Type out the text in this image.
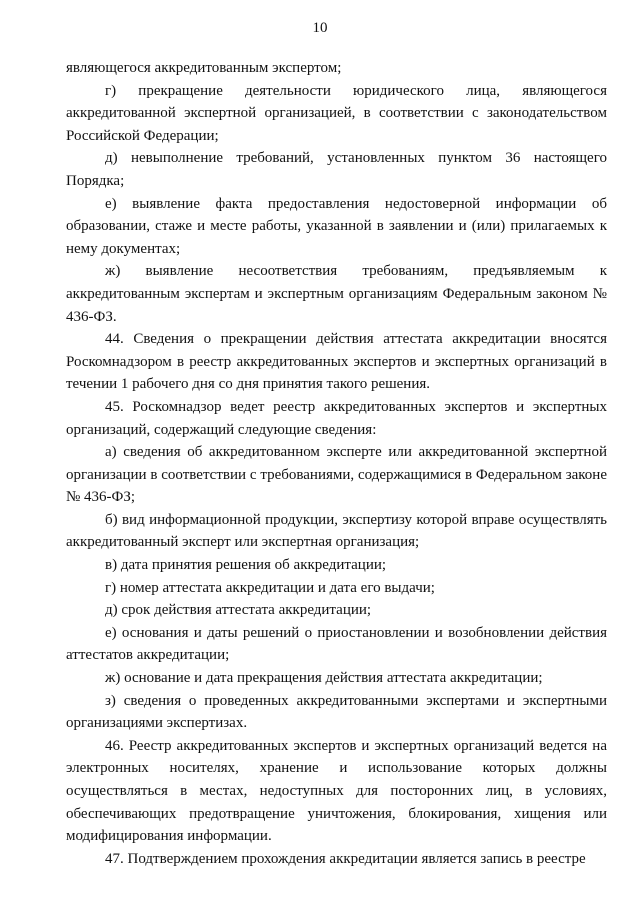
10

являющегося аккредитованным экспертом;

г) прекращение деятельности юридического лица, являющегося аккредитованной экспертной организацией, в соответствии с законодательством Российской Федерации;

д) невыполнение требований, установленных пунктом 36 настоящего Порядка;

е) выявление факта предоставления недостоверной информации об образовании, стаже и месте работы, указанной в заявлении и (или) прилагаемых к нему документах;

ж) выявление несоответствия требованиям, предъявляемым к аккредитованным экспертам и экспертным организациям Федеральным законом № 436-ФЗ.

44. Сведения о прекращении действия аттестата аккредитации вносятся Роскомнадзором в реестр аккредитованных экспертов и экспертных организаций в течении 1 рабочего дня со дня принятия такого решения.

45. Роскомнадзор ведет реестр аккредитованных экспертов и экспертных организаций, содержащий следующие сведения:

а) сведения об аккредитованном эксперте или аккредитованной экспертной организации в соответствии с требованиями, содержащимися в Федеральном законе № 436-ФЗ;

б) вид информационной продукции, экспертизу которой вправе осуществлять аккредитованный эксперт или экспертная организация;

в) дата принятия решения об аккредитации;

г) номер аттестата аккредитации и дата его выдачи;

д) срок действия аттестата аккредитации;

е) основания и даты решений о приостановлении и возобновлении действия аттестатов аккредитации;

ж) основание и дата прекращения действия аттестата аккредитации;

з) сведения о проведенных аккредитованными экспертами и экспертными организациями экспертизах.

46. Реестр аккредитованных экспертов и экспертных организаций ведется на электронных носителях, хранение и использование которых должны осуществляться в местах, недоступных для посторонних лиц, в условиях, обеспечивающих предотвращение уничтожения, блокирования, хищения или модифицирования информации.

47. Подтверждением прохождения аккредитации является запись в реестре
